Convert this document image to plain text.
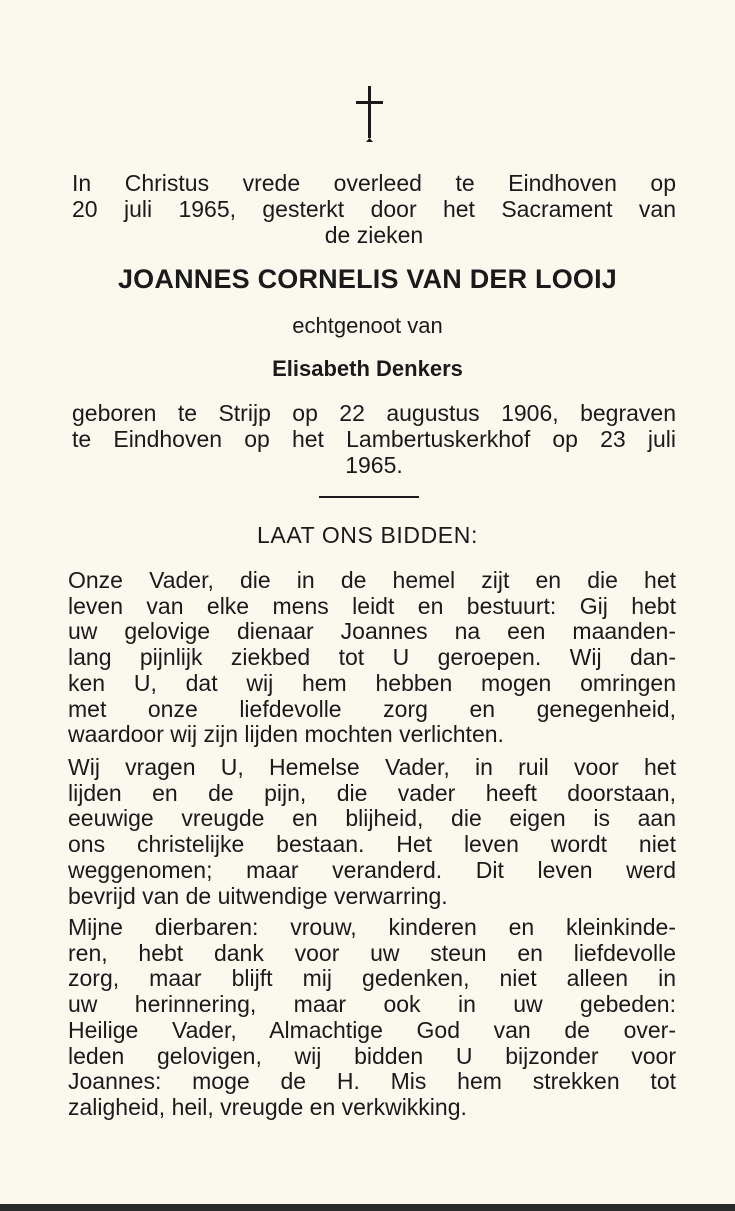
In Christus vrede overleed te Eindhoven op
20 juli 1965, gesterkt door het Sacrament van
de zieken
JOANNES CORNELIS VAN DER LOOIJ
echtgenoot van
Elisabeth Denkers
geboren te Strijp op 22 augustus 1906, begraven
te Eindhoven op het Lambertuskerkhof op 23 juli
1965.
LAAT ONS BIDDEN:
Onze Vader, die in de hemel zijt en die het
leven van elke mens leidt en bestuurt: Gij hebt
uw gelovige dienaar Joannes na een maanden-
lang pijnlijk ziekbed tot U geroepen. Wij dan-
ken U, dat wij hem hebben mogen omringen
met onze liefdevolle zorg en genegenheid,
waardoor wij zijn lijden mochten verlichten.
Wij vragen U, Hemelse Vader, in ruil voor het
lijden en de pijn, die vader heeft doorstaan,
eeuwige vreugde en blijheid, die eigen is aan
ons christelijke bestaan. Het leven wordt niet
weggenomen; maar veranderd. Dit leven werd
bevrijd van de uitwendige verwarring.
Mijne dierbaren: vrouw, kinderen en kleinkinde-
ren, hebt dank voor uw steun en liefdevolle
zorg, maar blijft mij gedenken, niet alleen in
uw herinnering, maar ook in uw gebeden:
Heilige Vader, Almachtige God van de over-
leden gelovigen, wij bidden U bijzonder voor
Joannes: moge de H. Mis hem strekken tot
zaligheid, heil, vreugde en verkwikking.
